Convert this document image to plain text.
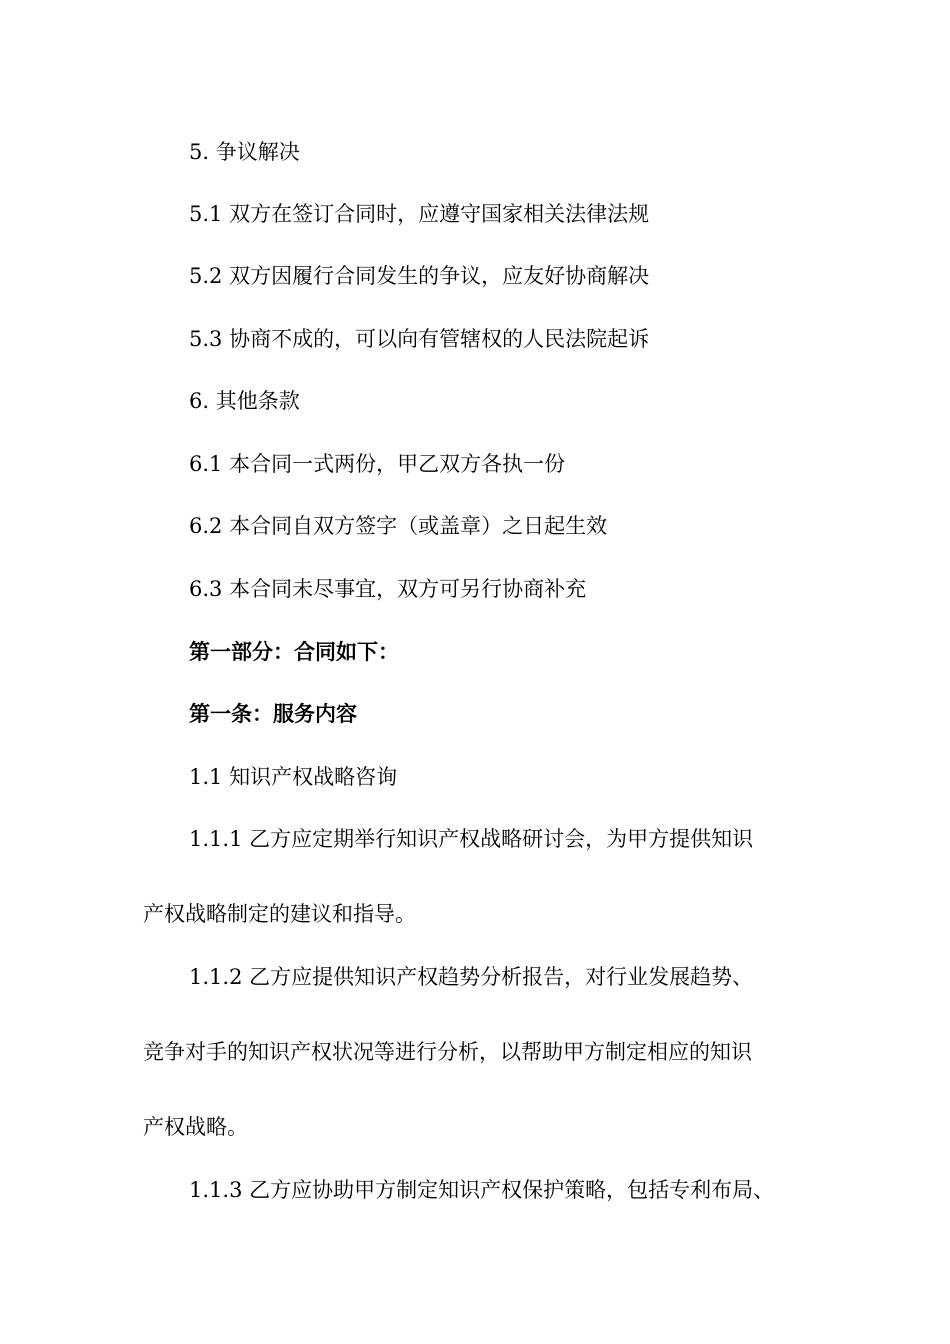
5. 争议解决
5.1 双方在签订合同时，应遵守国家相关法律法规
5.2 双方因履行合同发生的争议，应友好协商解决
5.3 协商不成的，可以向有管辖权的人民法院起诉
6. 其他条款
6.1 本合同一式两份，甲乙双方各执一份
6.2 本合同自双方签字（或盖章）之日起生效
6.3 本合同未尽事宜，双方可另行协商补充
第一部分：合同如下：
第一条：服务内容
1.1 知识产权战略咨询
1.1.1 乙方应定期举行知识产权战略研讨会，为甲方提供知识
产权战略制定的建议和指导。
1.1.2 乙方应提供知识产权趋势分析报告，对行业发展趋势、
竞争对手的知识产权状况等进行分析，以帮助甲方制定相应的知识
产权战略。
1.1.3 乙方应协助甲方制定知识产权保护策略，包括专利布局、
